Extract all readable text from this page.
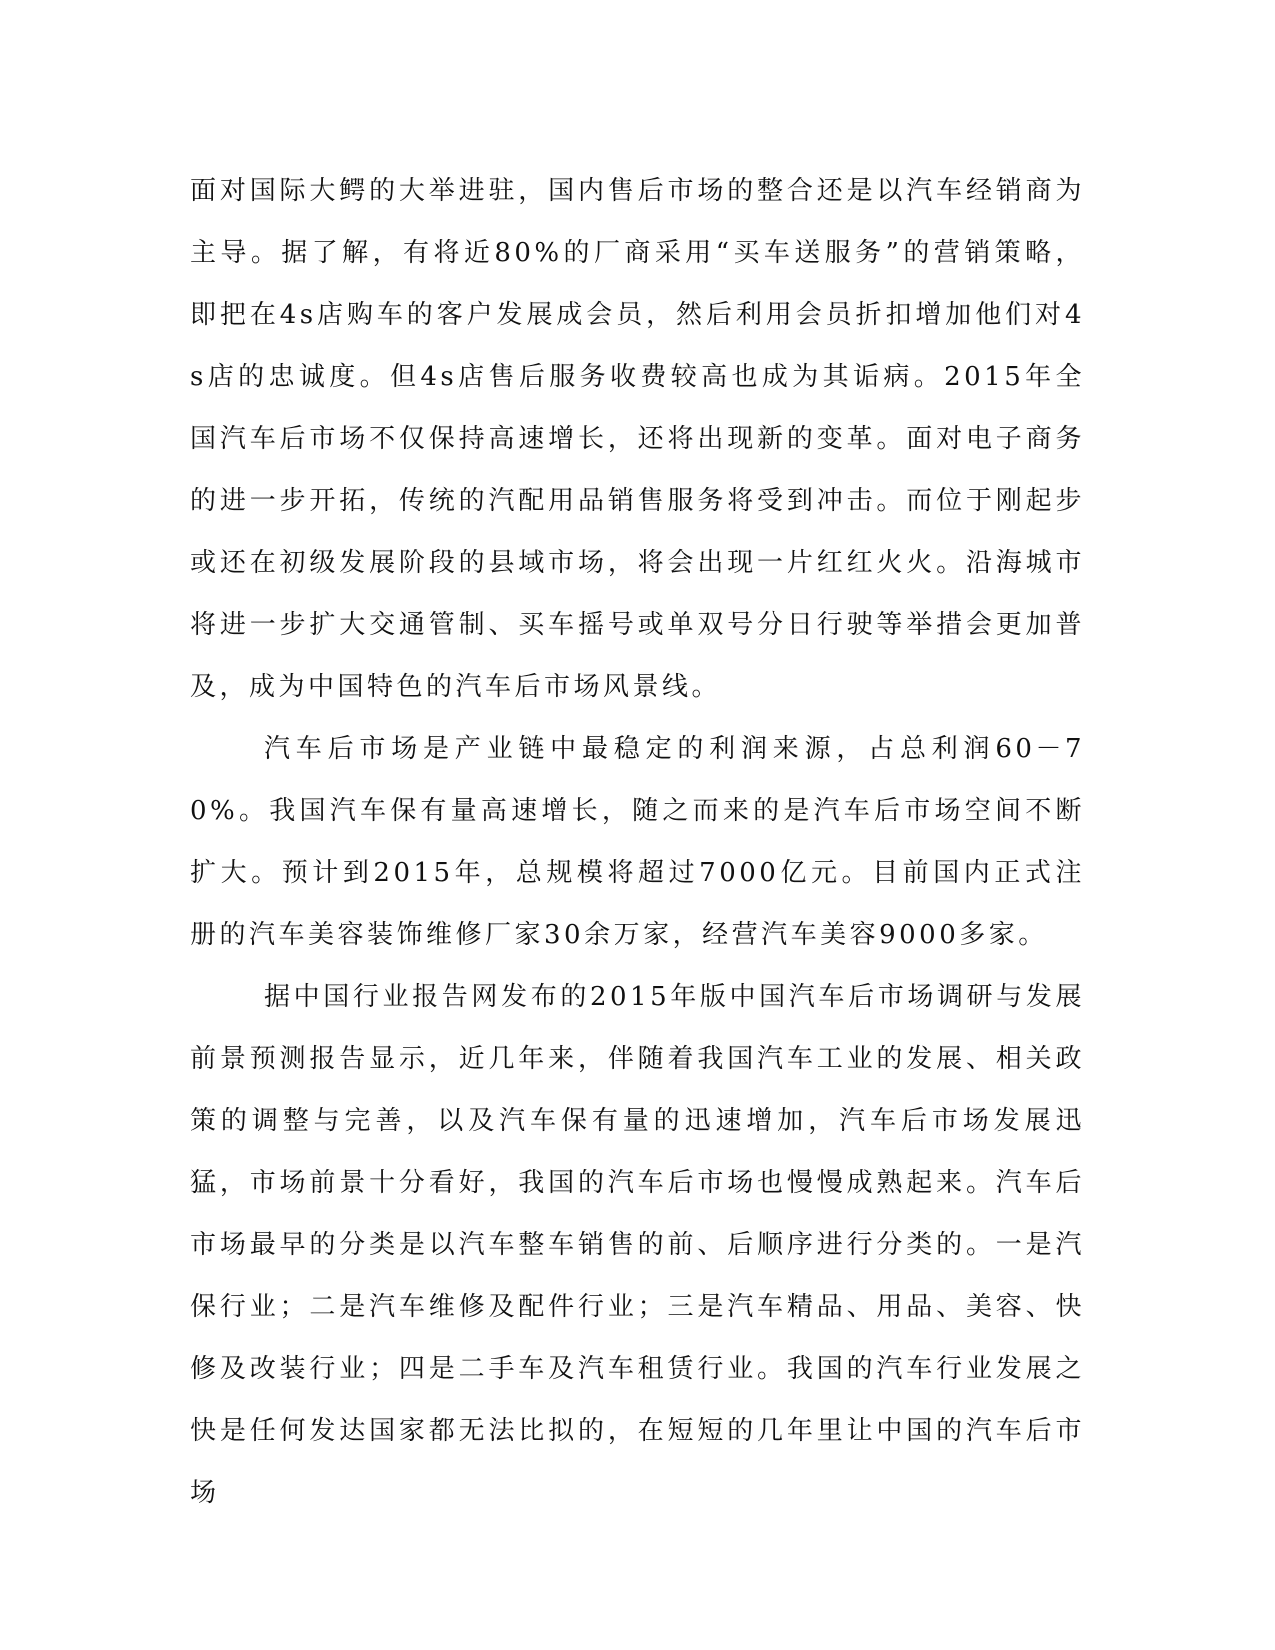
面对国际大鳄的大举进驻，国内售后市场的整合还是以汽车经销商为主导。据了解，有将近80%的厂商采用“买车送服务”的营销策略，即把在4s店购车的客户发展成会员，然后利用会员折扣增加他们对4s店的忠诚度。但4s店售后服务收费较高也成为其诟病。2015年全国汽车后市场不仅保持高速增长，还将出现新的变革。面对电子商务的进一步开拓，传统的汽配用品销售服务将受到冲击。而位于刚起步或还在初级发展阶段的县域市场，将会出现一片红红火火。沿海城市将进一步扩大交通管制、买车摇号或单双号分日行驶等举措会更加普及，成为中国特色的汽车后市场风景线。

汽车后市场是产业链中最稳定的利润来源，占总利润60－70%。我国汽车保有量高速增长，随之而来的是汽车后市场空间不断扩大。预计到2015年，总规模将超过7000亿元。目前国内正式注册的汽车美容装饰维修厂家30余万家，经营汽车美容9000多家。

据中国行业报告网发布的2015年版中国汽车后市场调研与发展前景预测报告显示，近几年来，伴随着我国汽车工业的发展、相关政策的调整与完善，以及汽车保有量的迅速增加，汽车后市场发展迅猛，市场前景十分看好，我国的汽车后市场也慢慢成熟起来。汽车后市场最早的分类是以汽车整车销售的前、后顺序进行分类的。一是汽保行业；二是汽车维修及配件行业；三是汽车精品、用品、美容、快修及改装行业；四是二手车及汽车租赁行业。我国的汽车行业发展之快是任何发达国家都无法比拟的，在短短的几年里让中国的汽车后市场
